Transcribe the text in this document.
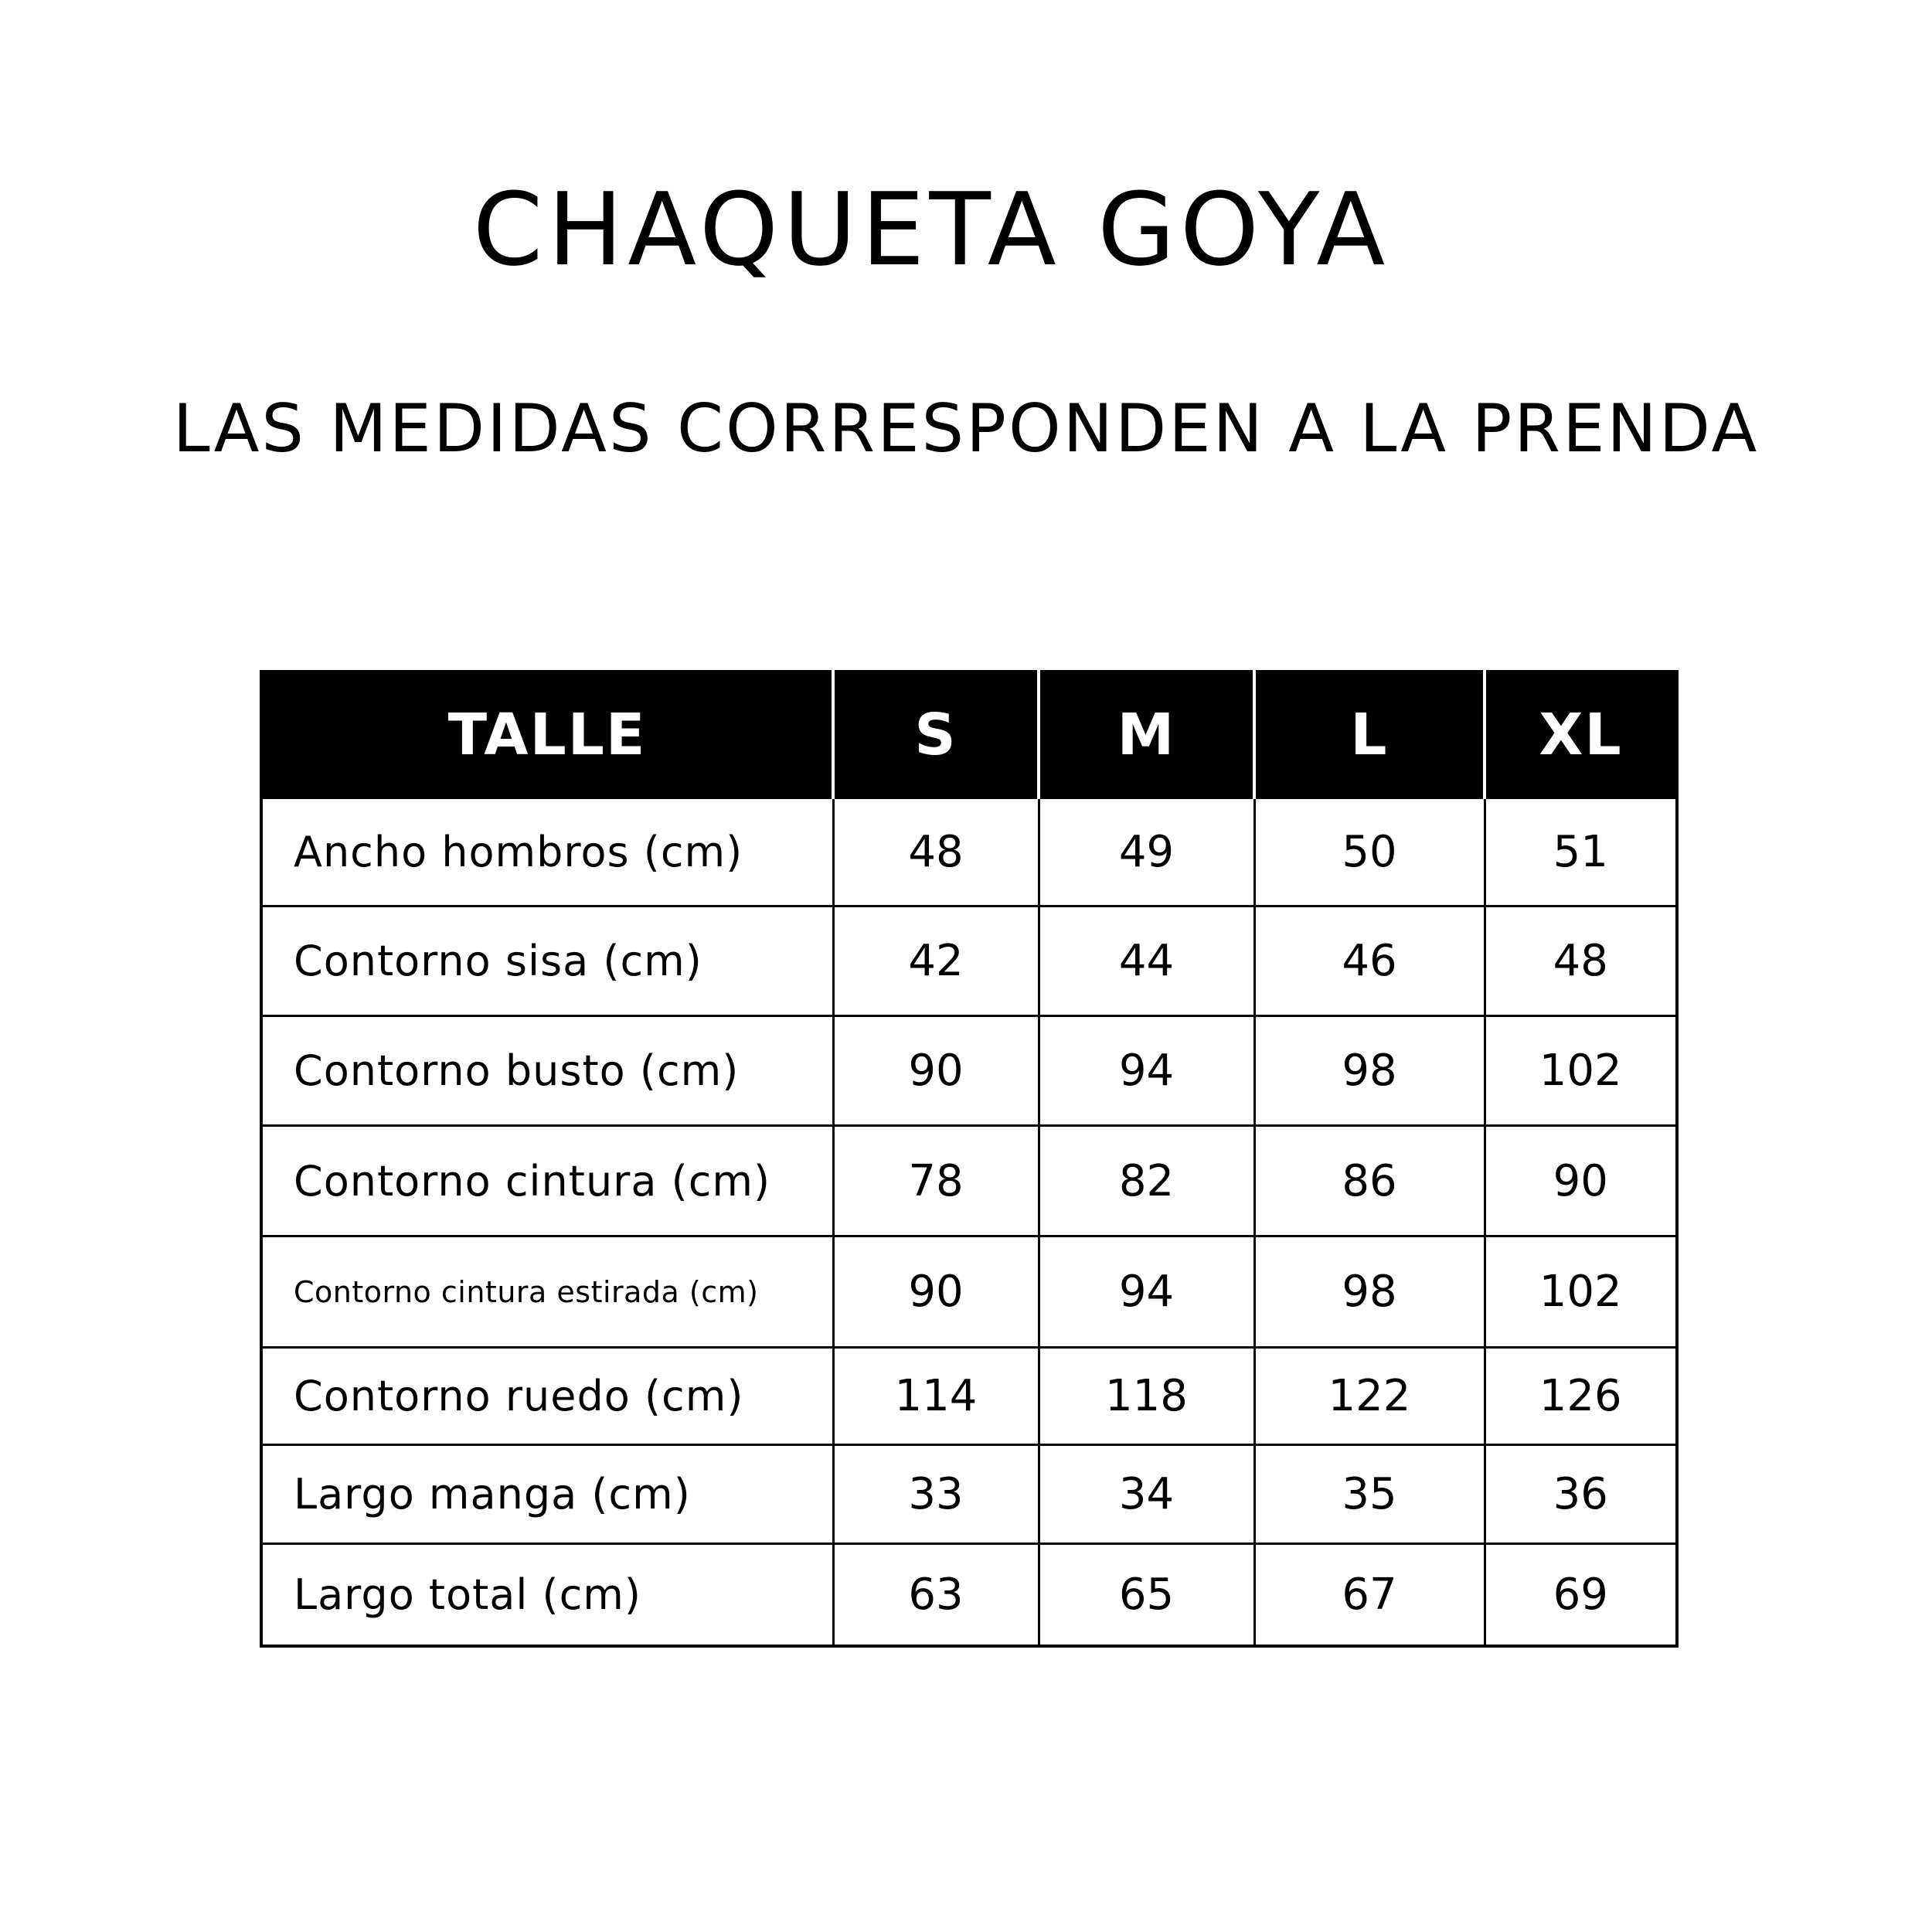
CHAQUETA GOYA
LAS MEDIDAS CORRESPONDEN A LA PRENDA
TALLE	S	M	L	XL
Ancho hombros (cm)	48	49	50	51
Contorno sisa (cm)	42	44	46	48
Contorno busto (cm)	90	94	98	102
Contorno cintura (cm)	78	82	86	90
Contorno cintura estirada (cm)	90	94	98	102
Contorno ruedo (cm)	114	118	122	126
Largo manga (cm)	33	34	35	36
Largo total (cm)	63	65	67	69
